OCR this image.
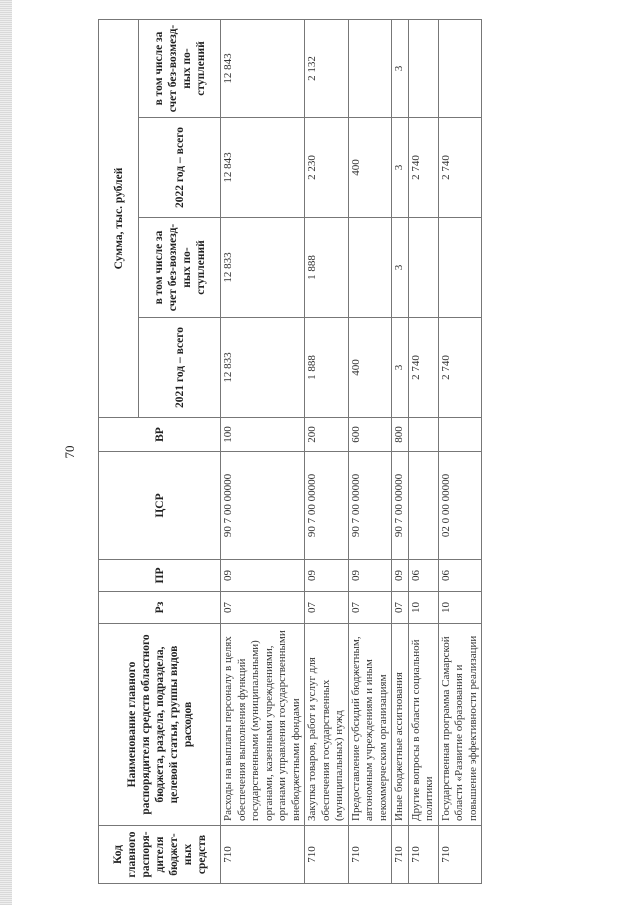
70
Код главного распоря-дителя бюджет-ных средств	Наименование главного распорядителя средств областного бюджета, раздела, подраздела, целевой статьи, группы видов расходов	Рз	ПР	ЦСР	ВР	Сумма, тыс. рублей			
						2021 год – всего	в том числе за счет без-возмезд-ных по-ступлений	2022 год – всего	в том числе за счет без-возмезд-ных по-ступлений
710	Расходы на выплаты персоналу в целях обеспечения выполнения функций государственными (муниципальными) органами, казенными учреждениями, органами управления государственными внебюджетными фондами	07	09	90 7 00 00000	100	12 833	12 833	12 843	12 843
710	Закупка товаров, работ и услуг для обеспечения государственных (муниципальных) нужд	07	09	90 7 00 00000	200	1 888	1 888	2 230	2 132
710	Предоставление субсидий бюджетным, автономным учреждениям и иным некоммерческим организациям	07	09	90 7 00 00000	600	400		400	
710	Иные бюджетные ассигнования	07	09	90 7 00 00000	800	3	3	3	3
710	Другие вопросы в области социальной политики	10	06			2 740		2 740	
710	Государственная программа Самарской области «Развитие образования и повышение эффективности реализации	10	06	02 0 00 00000		2 740		2 740	
